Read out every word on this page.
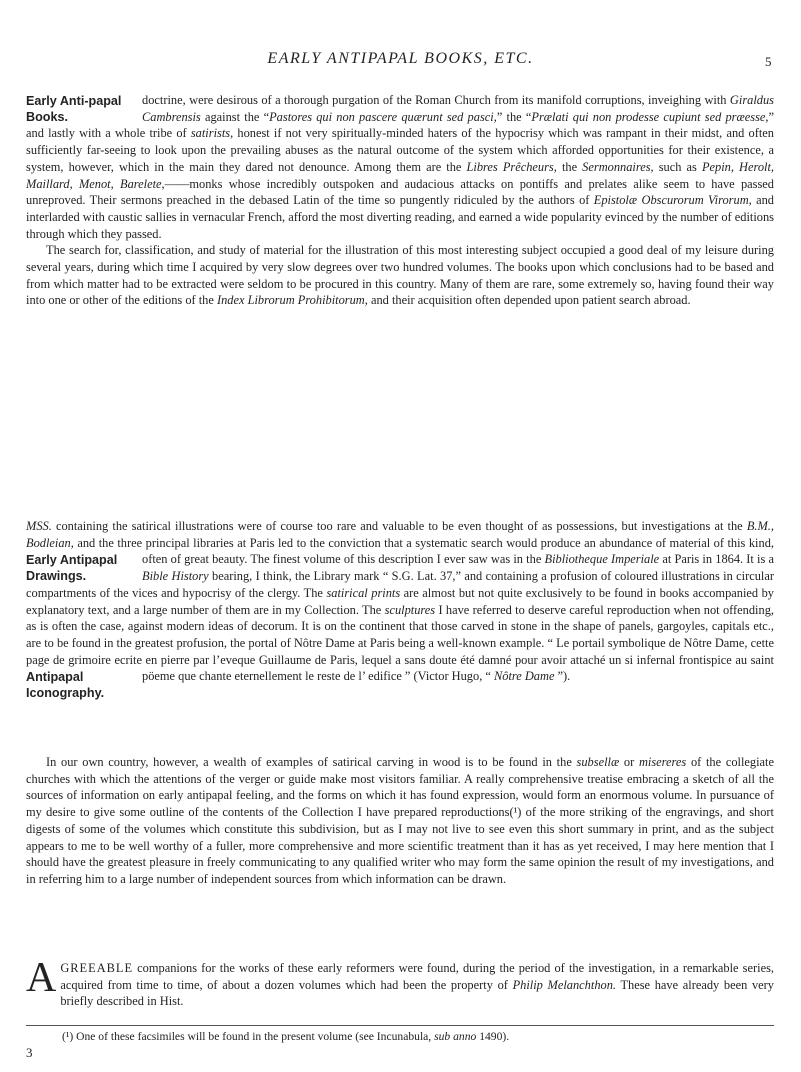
EARLY ANTIPAPAL BOOKS, ETC.	5

doctrine, were desirous of a thorough purgation of the Roman Church from its manifold corruptions, inveighing with
Early Anti-papal Books.
Giraldus Cambrensis against the “Pastores qui non pascere quærunt sed pasci,” the “Prælati qui non prodesse cupiunt sed præesse,” and lastly with a whole tribe of satirists, honest if not very spiritually-minded haters of the hypocrisy which was rampant in their midst, and often sufficiently far-seeing to look upon the prevailing abuses as the natural outcome of the system which afforded opportunities for their existence, a system, however, which in the main they dared not denounce. Among them are the Libres Prêcheurs, the Sermonnaires, such as Pepin, Herolt, Maillard, Menot, Barelete,——monks whose incredibly outspoken and audacious attacks on pontiffs and prelates alike seem to have passed unreproved. Their sermons preached in the debased Latin of the time so pungently ridiculed by the authors of Epistolæ Obscurorum Virorum, and interlarded with caustic sallies in vernacular French, afford the most diverting reading, and earned a wide popularity evinced by the number of editions through which they passed.

The search for, classification, and study of material for the illustration of this most interesting subject occupied a good deal of my leisure during several years, during which time I acquired by very slow degrees over two hundred volumes. The books upon which conclusions had to be based and from which matter had to be extracted were seldom to be procured in this country. Many of them are rare, some extremely so, having found their way into one or other of the editions of the Index Librorum Prohibitorum, and their acquisition often depended upon patient search abroad.

MSS. containing the satirical illustrations were of course too rare and valuable to be even thought of as possessions, but investigations at the B.M., Bodleian, and the three principal libraries at Paris led to the conviction that a systematic search would produce an abundance of material of this kind, often of great beauty. The finest volume of this description I ever saw was in the
Early Antipapal Drawings.
Bibliotheque Imperiale at Paris in 1864. It is a Bible History bearing, I think, the Library mark “ S.G. Lat. 37,” and containing a profusion of coloured illustrations in circular compartments of the vices and hypocrisy of the clergy. The satirical prints are almost but not quite exclusively to be found in books accompanied by explanatory text, and a large number of them are in my Collection. The sculptures I have referred to deserve careful reproduction when not offending, as is often the case, against modern ideas of decorum. It is on the continent that those carved in stone in the shape of panels, gargoyles, capitals etc., are to be found in the greatest profusion, the portal of Nôtre Dame at Paris being a well-known example. “ Le portail symbolique de Nôtre Dame, cette page de grimoire ecrite en pierre par l’eveque Guillaume de Paris, lequel a sans doute été damné pour avoir attaché un si infernal frontispice au saint pöeme que chante eternellement le reste de l’ edifice ” (Victor Hugo, “
Antipapal Iconography.
Nôtre Dame ”).

In our own country, however, a wealth of examples of satirical carving in wood is to be found in the subsellæ or misereres of the collegiate churches with which the attentions of the verger or guide make most visitors familiar. A really comprehensive treatise embracing a sketch of all the sources of information on early antipapal feeling, and the forms on which it has found expression, would form an enormous volume. In pursuance of my desire to give some outline of the contents of the Collection I have prepared reproductions(¹) of the more striking of the engravings, and short digests of some of the volumes which constitute this subdivision, but as I may not live to see even this short summary in print, and as the subject appears to me to be well worthy of a fuller, more comprehensive and more scientific treatment than it has as yet received, I may here mention that I should have the greatest pleasure in freely communicating to any qualified writer who may form the same opinion the result of my investigations, and in referring him to a large number of independent sources from which information can be drawn.

AGREEABLE companions for the works of these early reformers were found, during the period of the investigation, in a remarkable series, acquired from time to time, of about a dozen volumes which had been the property of Philip Melanchthon. These have already been very briefly described in Hist.

(¹) One of these facsimiles will be found in the present volume (see Incunabula, sub anno 1490).
3
